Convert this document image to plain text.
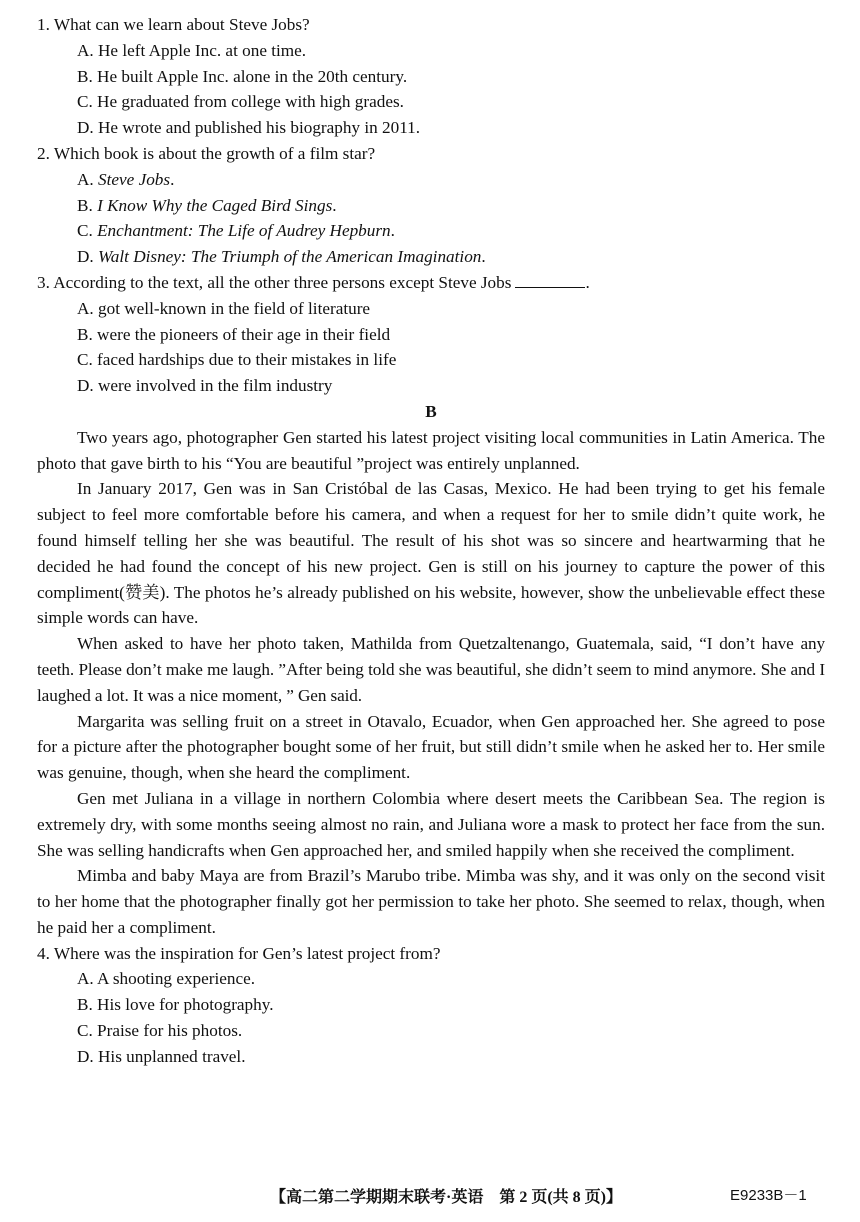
1. What can we learn about Steve Jobs?
A. He left Apple Inc. at one time.
B. He built Apple Inc. alone in the 20th century.
C. He graduated from college with high grades.
D. He wrote and published his biography in 2011.
2. Which book is about the growth of a film star?
A. Steve Jobs.
B. I Know Why the Caged Bird Sings.
C. Enchantment: The Life of Audrey Hepburn.
D. Walt Disney: The Triumph of the American Imagination.
3. According to the text, all the other three persons except Steve Jobs	.
A. got well-known in the field of literature
B. were the pioneers of their age in their field
C. faced hardships due to their mistakes in life
D. were involved in the film industry
B

Two years ago, photographer Gen started his latest project visiting local communities in Latin America. The photo that gave birth to his “You are beautiful ”project was entirely unplanned.

In January 2017, Gen was in San Cristóbal de las Casas, Mexico. He had been trying to get his female subject to feel more comfortable before his camera, and when a request for her to smile didn’t quite work, he found himself telling her she was beautiful. The result of his shot was so sincere and heartwarming that he decided he had found the concept of his new project. Gen is still on his journey to capture the power of this compliment(赞美). The photos he’s already published on his website, however, show the unbelievable effect these simple words can have.

When asked to have her photo taken, Mathilda from Quetzaltenango, Guatemala, said, “I don’t have any teeth. Please don’t make me laugh. ”After being told she was beautiful, she didn’t seem to mind anymore. She and I laughed a lot. It was a nice moment, ” Gen said.

Margarita was selling fruit on a street in Otavalo, Ecuador, when Gen approached her. She agreed to pose for a picture after the photographer bought some of her fruit, but still didn’t smile when he asked her to. Her smile was genuine, though, when she heard the compliment.

Gen met Juliana in a village in northern Colombia where desert meets the Caribbean Sea. The region is extremely dry, with some months seeing almost no rain, and Juliana wore a mask to protect her face from the sun. She was selling handicrafts when Gen approached her, and smiled happily when she received the compliment.

Mimba and baby Maya are from Brazil’s Marubo tribe. Mimba was shy, and it was only on the second visit to her home that the photographer finally got her permission to take her photo. She seemed to relax, though, when he paid her a compliment.

4. Where was the inspiration for Gen’s latest project from?
A. A shooting experience.
B. His love for photography.
C. Praise for his photos.
D. His unplanned travel.
【高二第二学期期末联考·英语　第 2 页(共 8 页)】	E9233B－1
